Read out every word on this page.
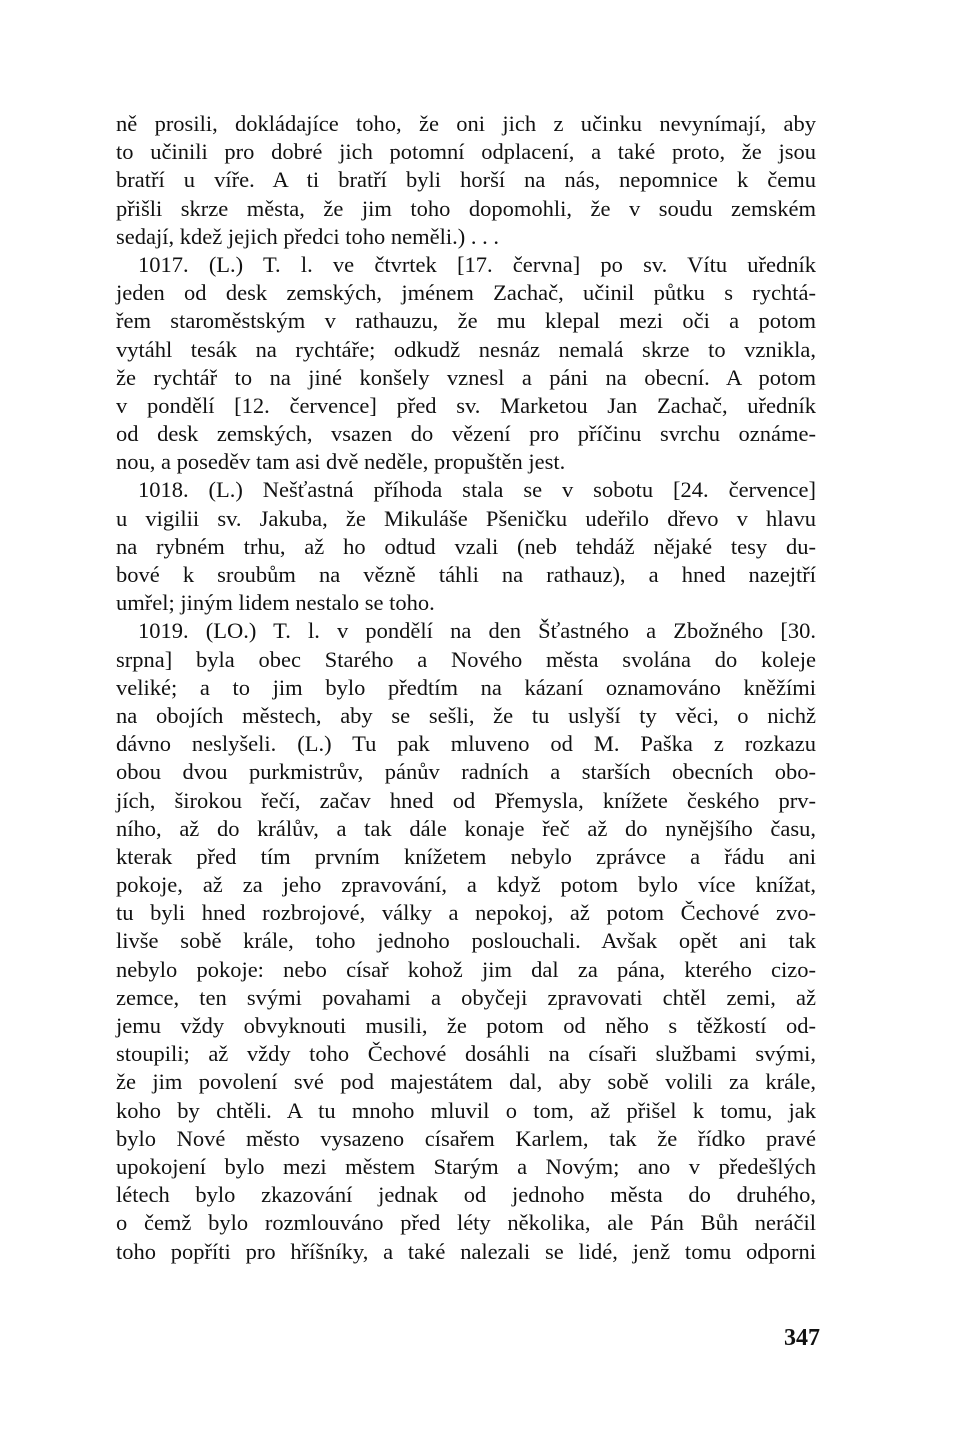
ně prosili, dokládajíce toho, že oni jich z učinku nevynímají, aby
to učinili pro dobré jich potomní odplacení, a také proto, že jsou
bratří u víře. A ti bratří byli horší na nás, nepomnice k čemu
přišli skrze města, že jim toho dopomohli, že v soudu zemském
sedají, kdež jejich předci toho neměli.) . . .
1017. (L.) T. l. ve čtvrtek [17. června] po sv. Vítu uředník
jeden od desk zemských, jménem Zachač, učinil půtku s rychtá-
řem staroměstským v rathauzu, že mu klepal mezi oči a potom
vytáhl tesák na rychtáře; odkudž nesnáz nemalá skrze to vznikla,
že rychtář to na jiné konšely vznesl a páni na obecní. A potom
v pondělí [12. července] před sv. Marketou Jan Zachač, uředník
od desk zemských, vsazen do vězení pro příčinu svrchu oznáme-
nou, a poseděv tam asi dvě neděle, propuštěn jest.
1018. (L.) Nešťastná příhoda stala se v sobotu [24. července]
u vigilii sv. Jakuba, že Mikuláše Pšeničku udeřilo dřevo v hlavu
na rybném trhu, až ho odtud vzali (neb tehdáž nějaké tesy du-
bové k sroubům na vězně táhli na rathauz), a hned nazejtří
umřel; jiným lidem nestalo se toho.
1019. (LO.) T. l. v pondělí na den Šťastného a Zbožného [30.
srpna] byla obec Starého a Nového města svolána do koleje
veliké; a to jim bylo předtím na kázaní oznamováno kněžími
na obojích městech, aby se sešli, že tu uslyší ty věci, o nichž
dávno neslyšeli. (L.) Tu pak mluveno od M. Paška z rozkazu
obou dvou purkmistrův, pánův radních a starších obecních obo-
jích, širokou řečí, začav hned od Přemysla, knížete českého prv-
ního, až do králův, a tak dále konaje řeč až do nynějšího času,
kterak před tím prvním knížetem nebylo zprávce a řádu ani
pokoje, až za jeho zpravování, a když potom bylo více knížat,
tu byli hned rozbrojové, války a nepokoj, až potom Čechové zvo-
livše sobě krále, toho jednoho poslouchali. Avšak opět ani tak
nebylo pokoje: nebo císař kohož jim dal za pána, kterého cizo-
zemce, ten svými povahami a obyčeji zpravovati chtěl zemi, až
jemu vždy obvyknouti musili, že potom od něho s těžkostí od-
stoupili; až vždy toho Čechové dosáhli na císaři službami svými,
že jim povolení své pod majestátem dal, aby sobě volili za krále,
koho by chtěli. A tu mnoho mluvil o tom, až přišel k tomu, jak
bylo Nové město vysazeno císařem Karlem, tak že řídko pravé
upokojení bylo mezi městem Starým a Novým; ano v předešlých
létech bylo zkazování jednak od jednoho města do druhého,
o čemž bylo rozmlouváno před léty několika, ale Pán Bůh neráčil
toho popříti pro hříšníky, a také nalezali se lidé, jenž tomu odporni
347
